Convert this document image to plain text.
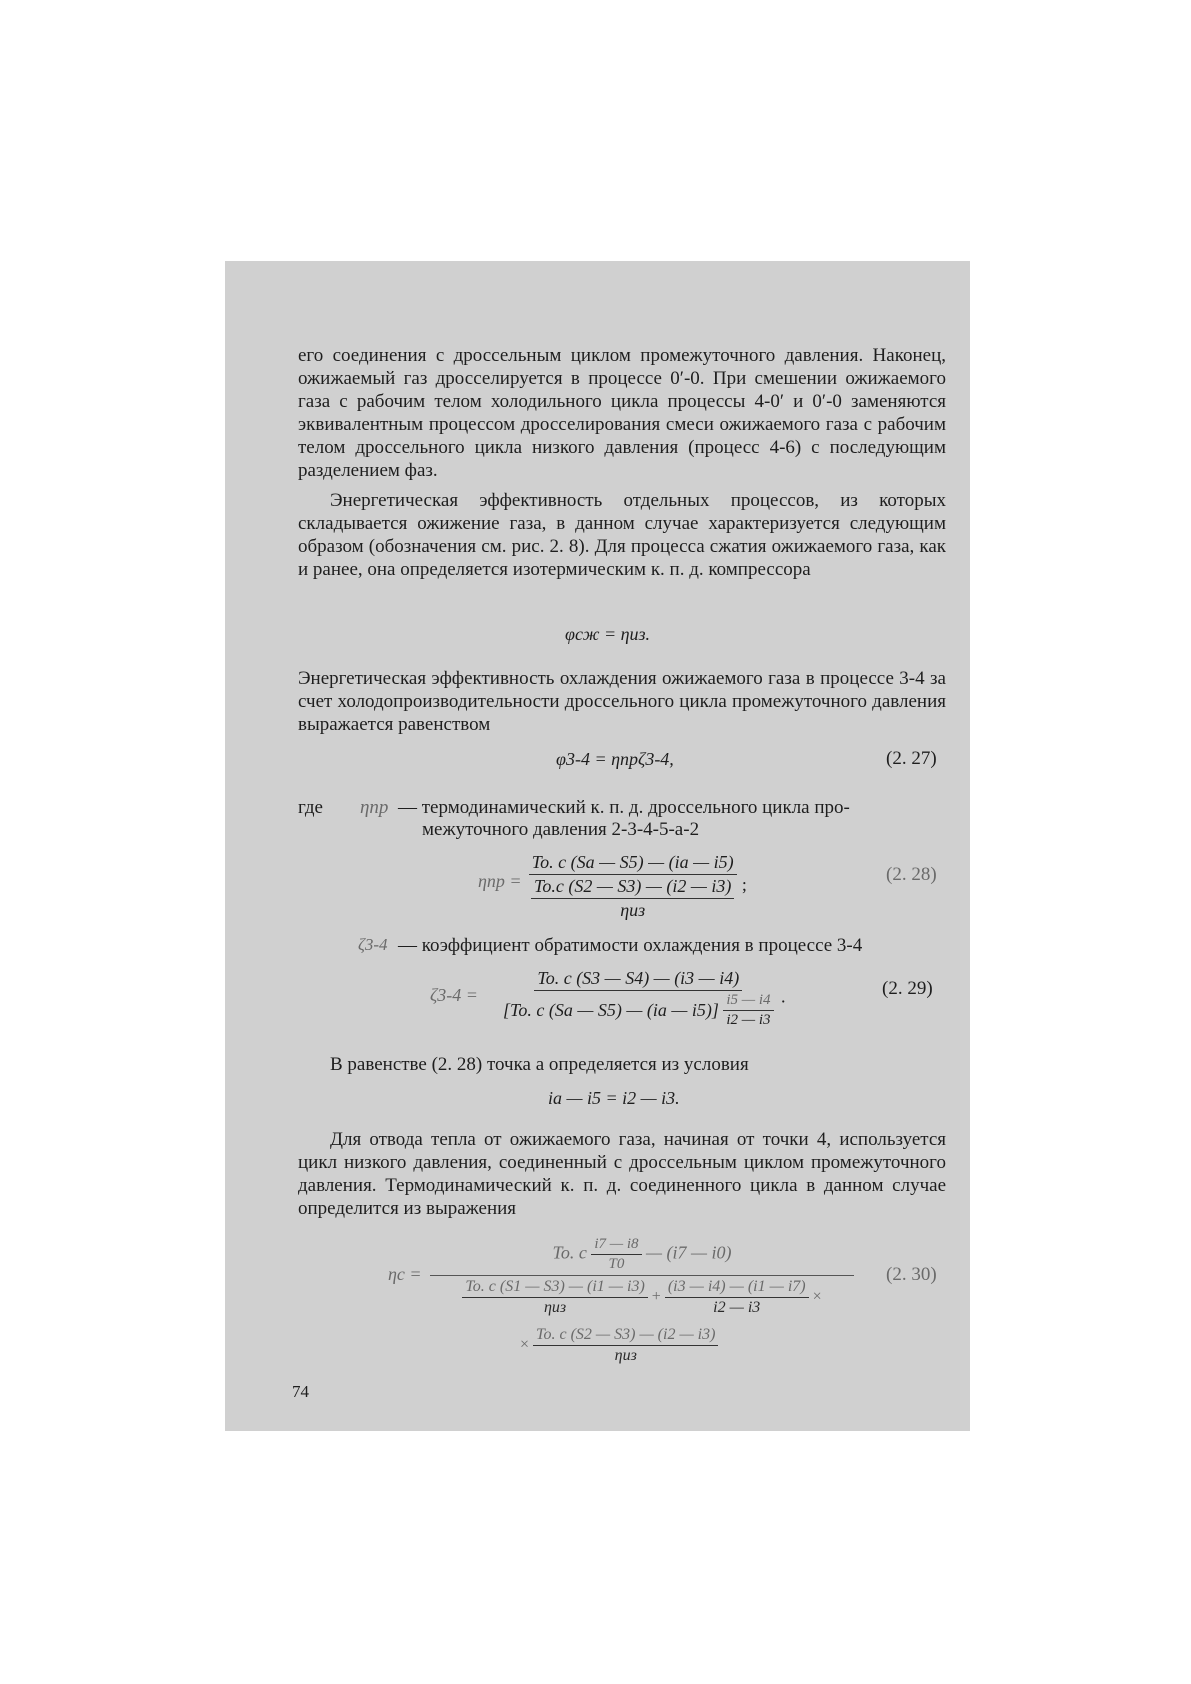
его соединения с дроссельным циклом промежуточного давления. Наконец, ожижаемый газ дросселируется в процессе 0′-0. При смешении ожижаемого газа с рабочим телом холодильного цикла процессы 4-0′ и 0′-0 заменяются эквивалентным процессом дросселирования смеси ожижаемого газа с рабочим телом дроссельного цикла низкого давления (процесс 4-6) с последующим разделением фаз.
Энергетическая эффективность отдельных процессов, из которых складывается ожижение газа, в данном случае характеризуется следующим образом (обозначения см. рис. 2. 8). Для процесса сжатия ожижаемого газа, как и ранее, она определяется изотермическим к. п. д. компрессора
φсж = ηиз.
Энергетическая эффективность охлаждения ожижаемого газа в процессе 3-4 за счет холодопроизводительности дроссельного цикла промежуточного давления выражается равенством
φ3-4 = ηпрζ3-4,	(2. 27)
где ηпр — термодинамический к. п. д. дроссельного цикла про-
межуточного давления 2-3-4-5-а-2
$\eta пр = \frac{To. c (Sa — S5) — (ia — i5)}{\frac{To.c (S2 — S3) — (i2 — i3)}{\text{ηиз}}}$ ;	(2. 28)
ζ3-4 — коэффициент обратимости охлаждения в процессе 3-4
ζ3-4 =
To. c (S3 — S4) — (i3 — i4)
[To. c (Sa — S5) — (ia — $i5)] \frac{i5 — i4}{i2 — i3}$ .	(2. 29)
В равенстве (2. 28) точка а определяется из условия
ia — i5 = i2 — i3.
Для отвода тепла от ожижаемого газа, начиная от точки 4, используется цикл низкого давления, соединенный с дроссельным циклом промежуточного давления. Термодинамический к. п. д. соединенного цикла в данном случае определится из выражения
ηс =
To. c $\frac{i7 — i8}{T0}$ — (i7 — i0)
$\frac{To. c (S1 — S3) — (i1 — i3)}{\text{ηиз}} + \frac{(i3 — i4) — (i1 — i7)}{i2 — i3}$ ×
× $\frac{To. c (S2 — S3) — (i2 — i3)}{\text{ηиз}}$
(2. 30)
74
